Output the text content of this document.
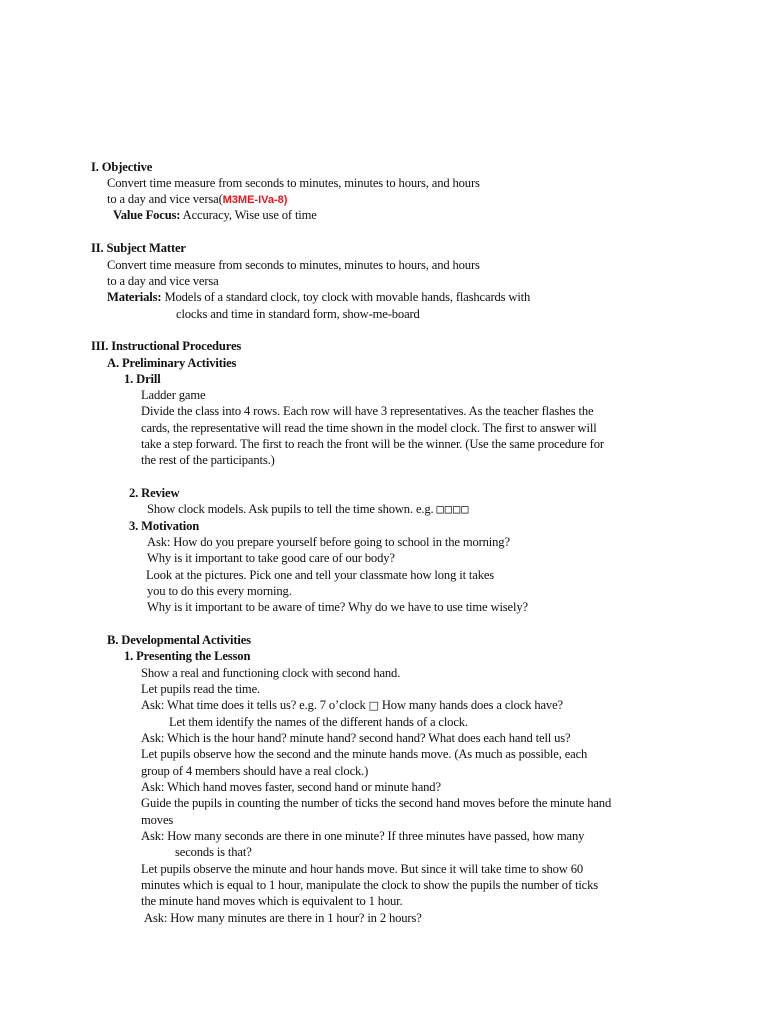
I. Objective
Convert time measure from seconds to minutes, minutes to hours, and hours
to a day and vice versa(M3ME-IVa-8)
Value Focus: Accuracy, Wise use of time
II. Subject Matter
Convert time measure from seconds to minutes, minutes to hours, and hours
to a day and vice versa
Materials: Models of a standard clock, toy clock with movable hands, flashcards with
clocks and time in standard form, show-me-board
III. Instructional Procedures
A. Preliminary Activities
1. Drill
Ladder game
Divide the class into 4 rows. Each row will have 3 representatives. As the teacher flashes the
cards, the representative will read the time shown in the model clock. The first to answer will
take a step forward. The first to reach the front will be the winner. (Use the same procedure for
the rest of the participants.)
2. Review
Show clock models. Ask pupils to tell the time shown. e.g. □□□□
3. Motivation
Ask: How do you prepare yourself before going to school in the morning?
Why is it important to take good care of our body?
Look at the pictures. Pick one and tell your classmate how long it takes
you to do this every morning.
Why is it important to be aware of time? Why do we have to use time wisely?
B. Developmental Activities
1. Presenting the Lesson
Show a real and functioning clock with second hand.
Let pupils read the time.
Ask: What time does it tells us? e.g. 7 o’clock □ How many hands does a clock have?
Let them identify the names of the different hands of a clock.
Ask: Which is the hour hand? minute hand? second hand? What does each hand tell us?
Let pupils observe how the second and the minute hands move. (As much as possible, each
group of 4 members should have a real clock.)
Ask: Which hand moves faster, second hand or minute hand?
Guide the pupils in counting the number of ticks the second hand moves before the minute hand
moves
Ask: How many seconds are there in one minute? If three minutes have passed, how many
seconds is that?
Let pupils observe the minute and hour hands move. But since it will take time to show 60
minutes which is equal to 1 hour, manipulate the clock to show the pupils the number of ticks
the minute hand moves which is equivalent to 1 hour.
Ask: How many minutes are there in 1 hour? in 2 hours?
